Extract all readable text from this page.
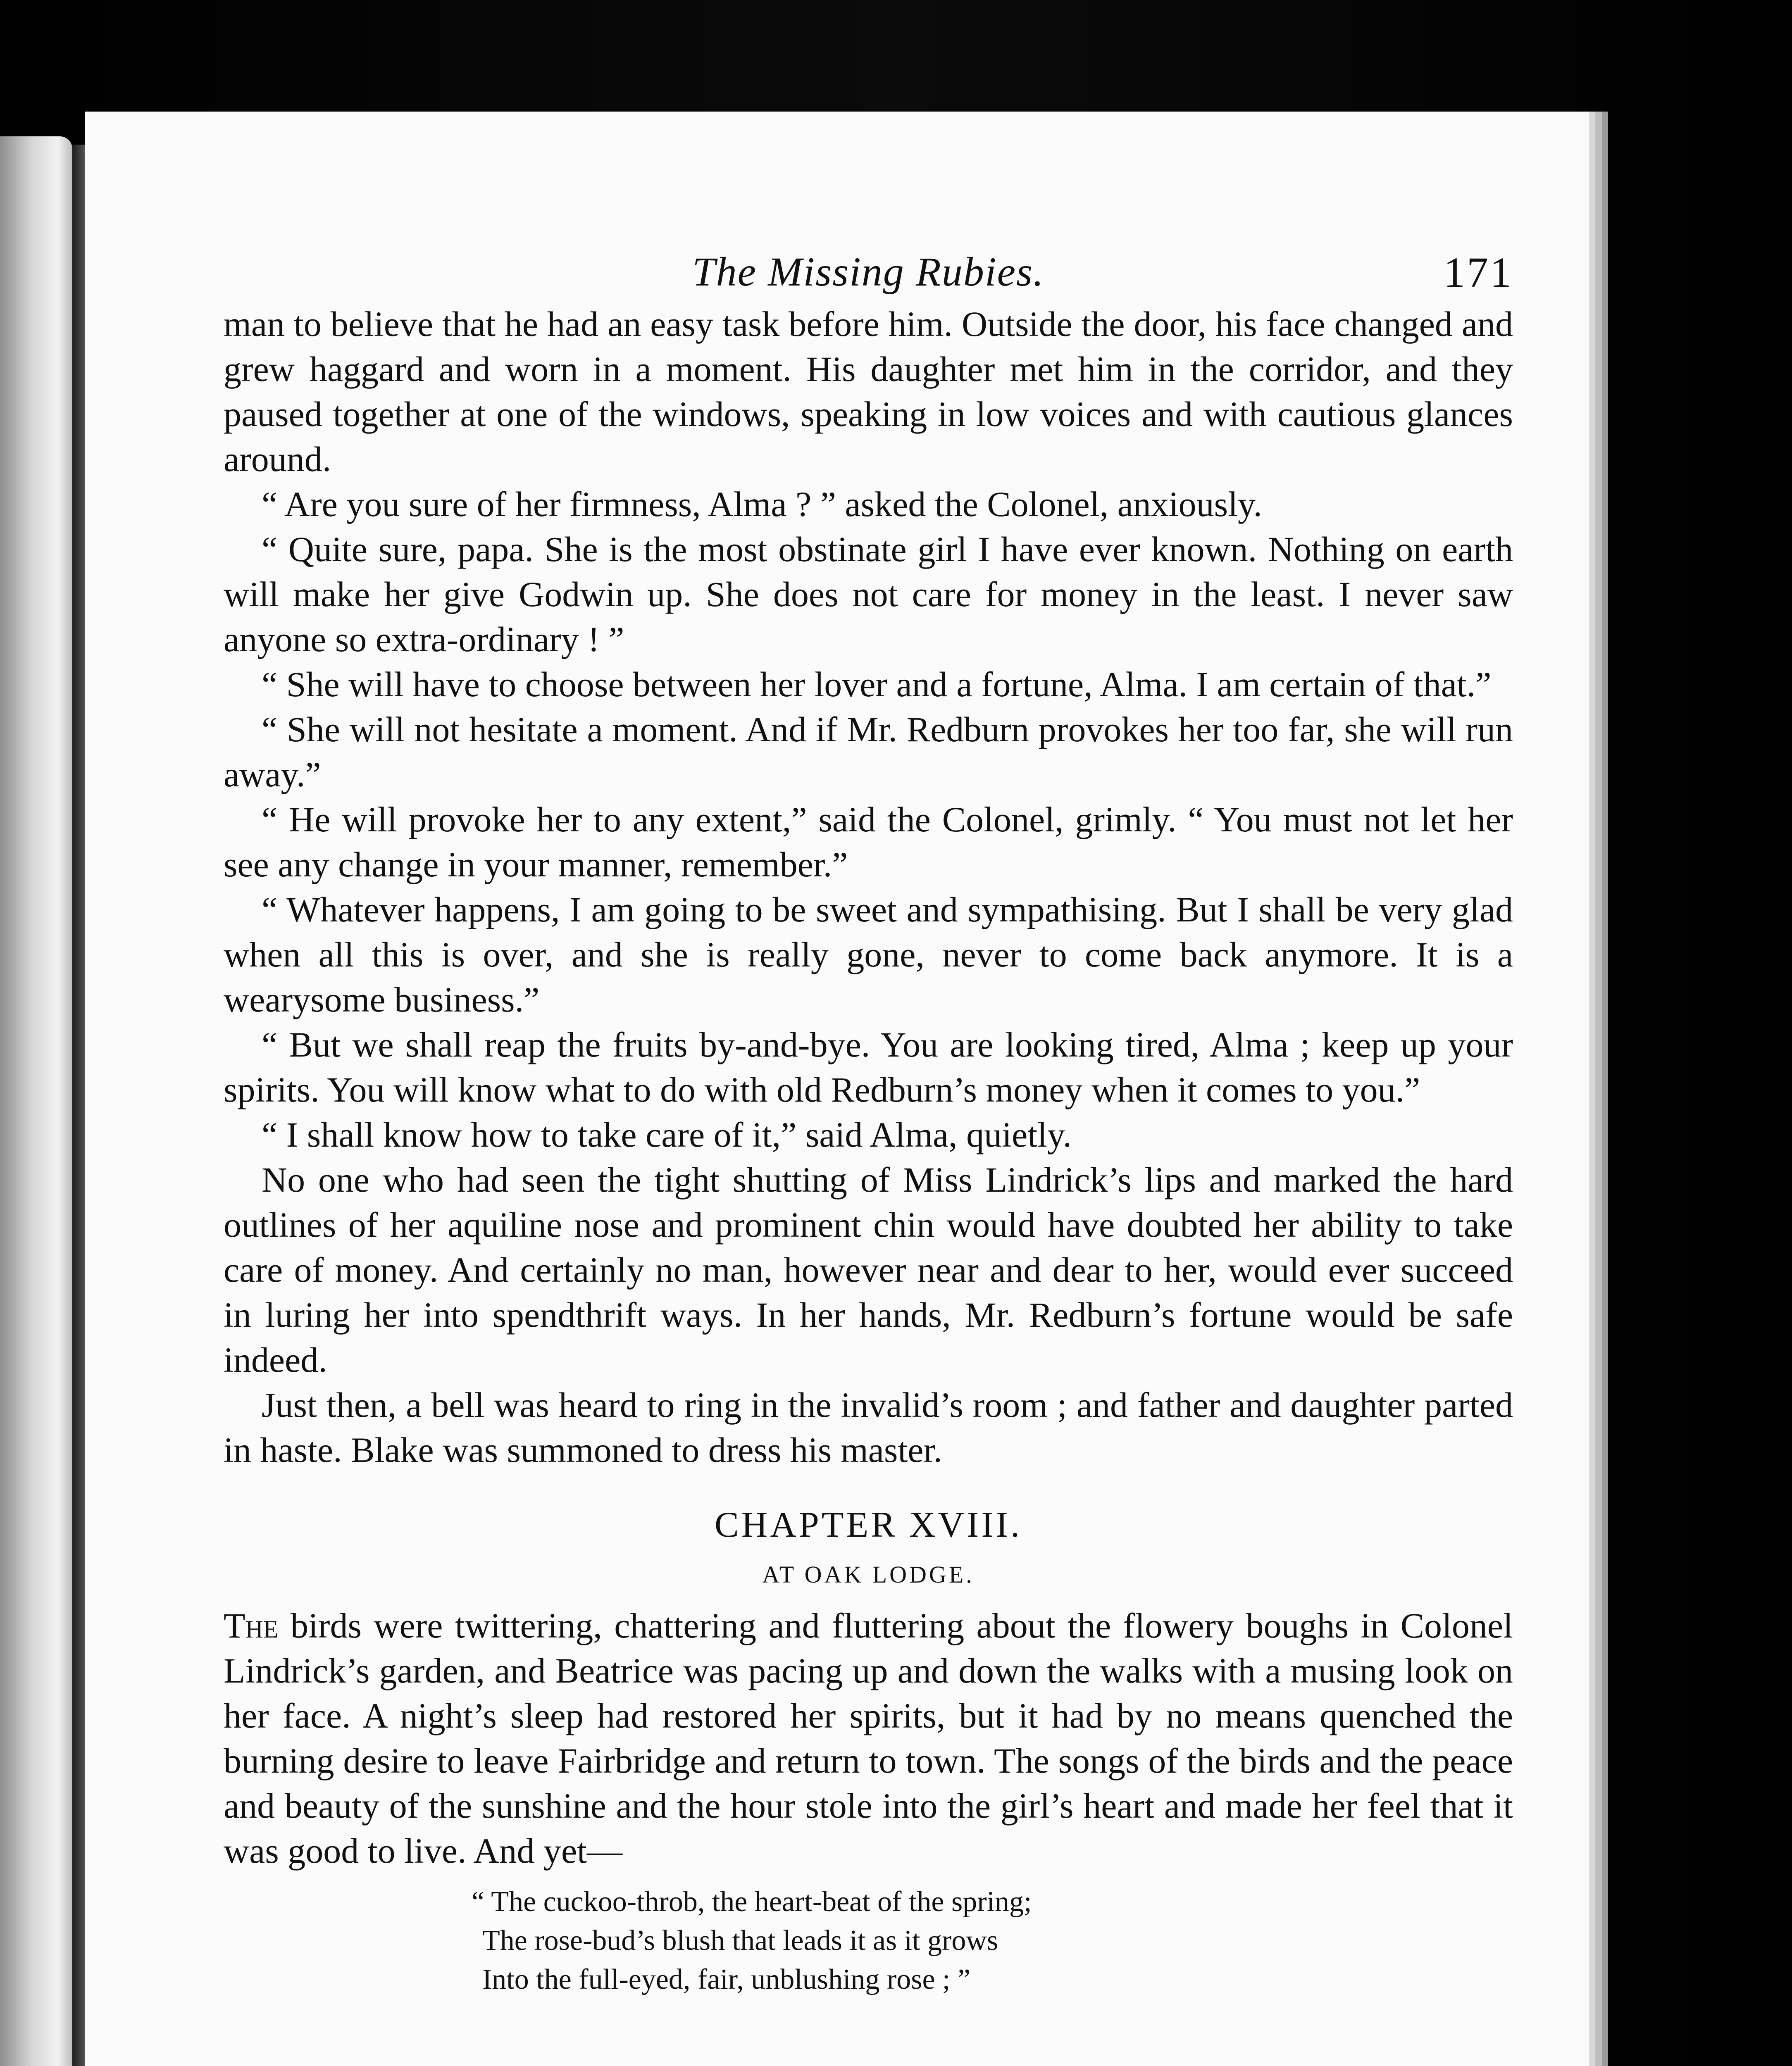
The Missing Rubies.	171

man to believe that he had an easy task before him. Outside the door, his face changed and grew haggard and worn in a moment. His daughter met him in the corridor, and they paused together at one of the windows, speaking in low voices and with cautious glances around.

“ Are you sure of her firmness, Alma ? ” asked the Colonel, anxiously.

“ Quite sure, papa. She is the most obstinate girl I have ever known. Nothing on earth will make her give Godwin up. She does not care for money in the least. I never saw anyone so extra-ordinary ! ”

“ She will have to choose between her lover and a fortune, Alma. I am certain of that.”

“ She will not hesitate a moment. And if Mr. Redburn provokes her too far, she will run away.”

“ He will provoke her to any extent,” said the Colonel, grimly. “ You must not let her see any change in your manner, remember.”

“ Whatever happens, I am going to be sweet and sympathising. But I shall be very glad when all this is over, and she is really gone, never to come back anymore. It is a wearysome business.”

“ But we shall reap the fruits by-and-bye. You are looking tired, Alma ; keep up your spirits. You will know what to do with old Redburn’s money when it comes to you.”

“ I shall know how to take care of it,” said Alma, quietly.

No one who had seen the tight shutting of Miss Lindrick’s lips and marked the hard outlines of her aquiline nose and prominent chin would have doubted her ability to take care of money. And certainly no man, however near and dear to her, would ever succeed in luring her into spendthrift ways. In her hands, Mr. Redburn’s fortune would be safe indeed.

Just then, a bell was heard to ring in the invalid’s room ; and father and daughter parted in haste. Blake was summoned to dress his master.

CHAPTER XVIII.
AT OAK LODGE.

The birds were twittering, chattering and fluttering about the flowery boughs in Colonel Lindrick’s garden, and Beatrice was pacing up and down the walks with a musing look on her face. A night’s sleep had restored her spirits, but it had by no means quenched the burning desire to leave Fairbridge and return to town. The songs of the birds and the peace and beauty of the sunshine and the hour stole into the girl’s heart and made her feel that it was good to live. And yet—

“ The cuckoo-throb, the heart-beat of the spring;
The rose-bud’s blush that leads it as it grows
Into the full-eyed, fair, unblushing rose ; ”
